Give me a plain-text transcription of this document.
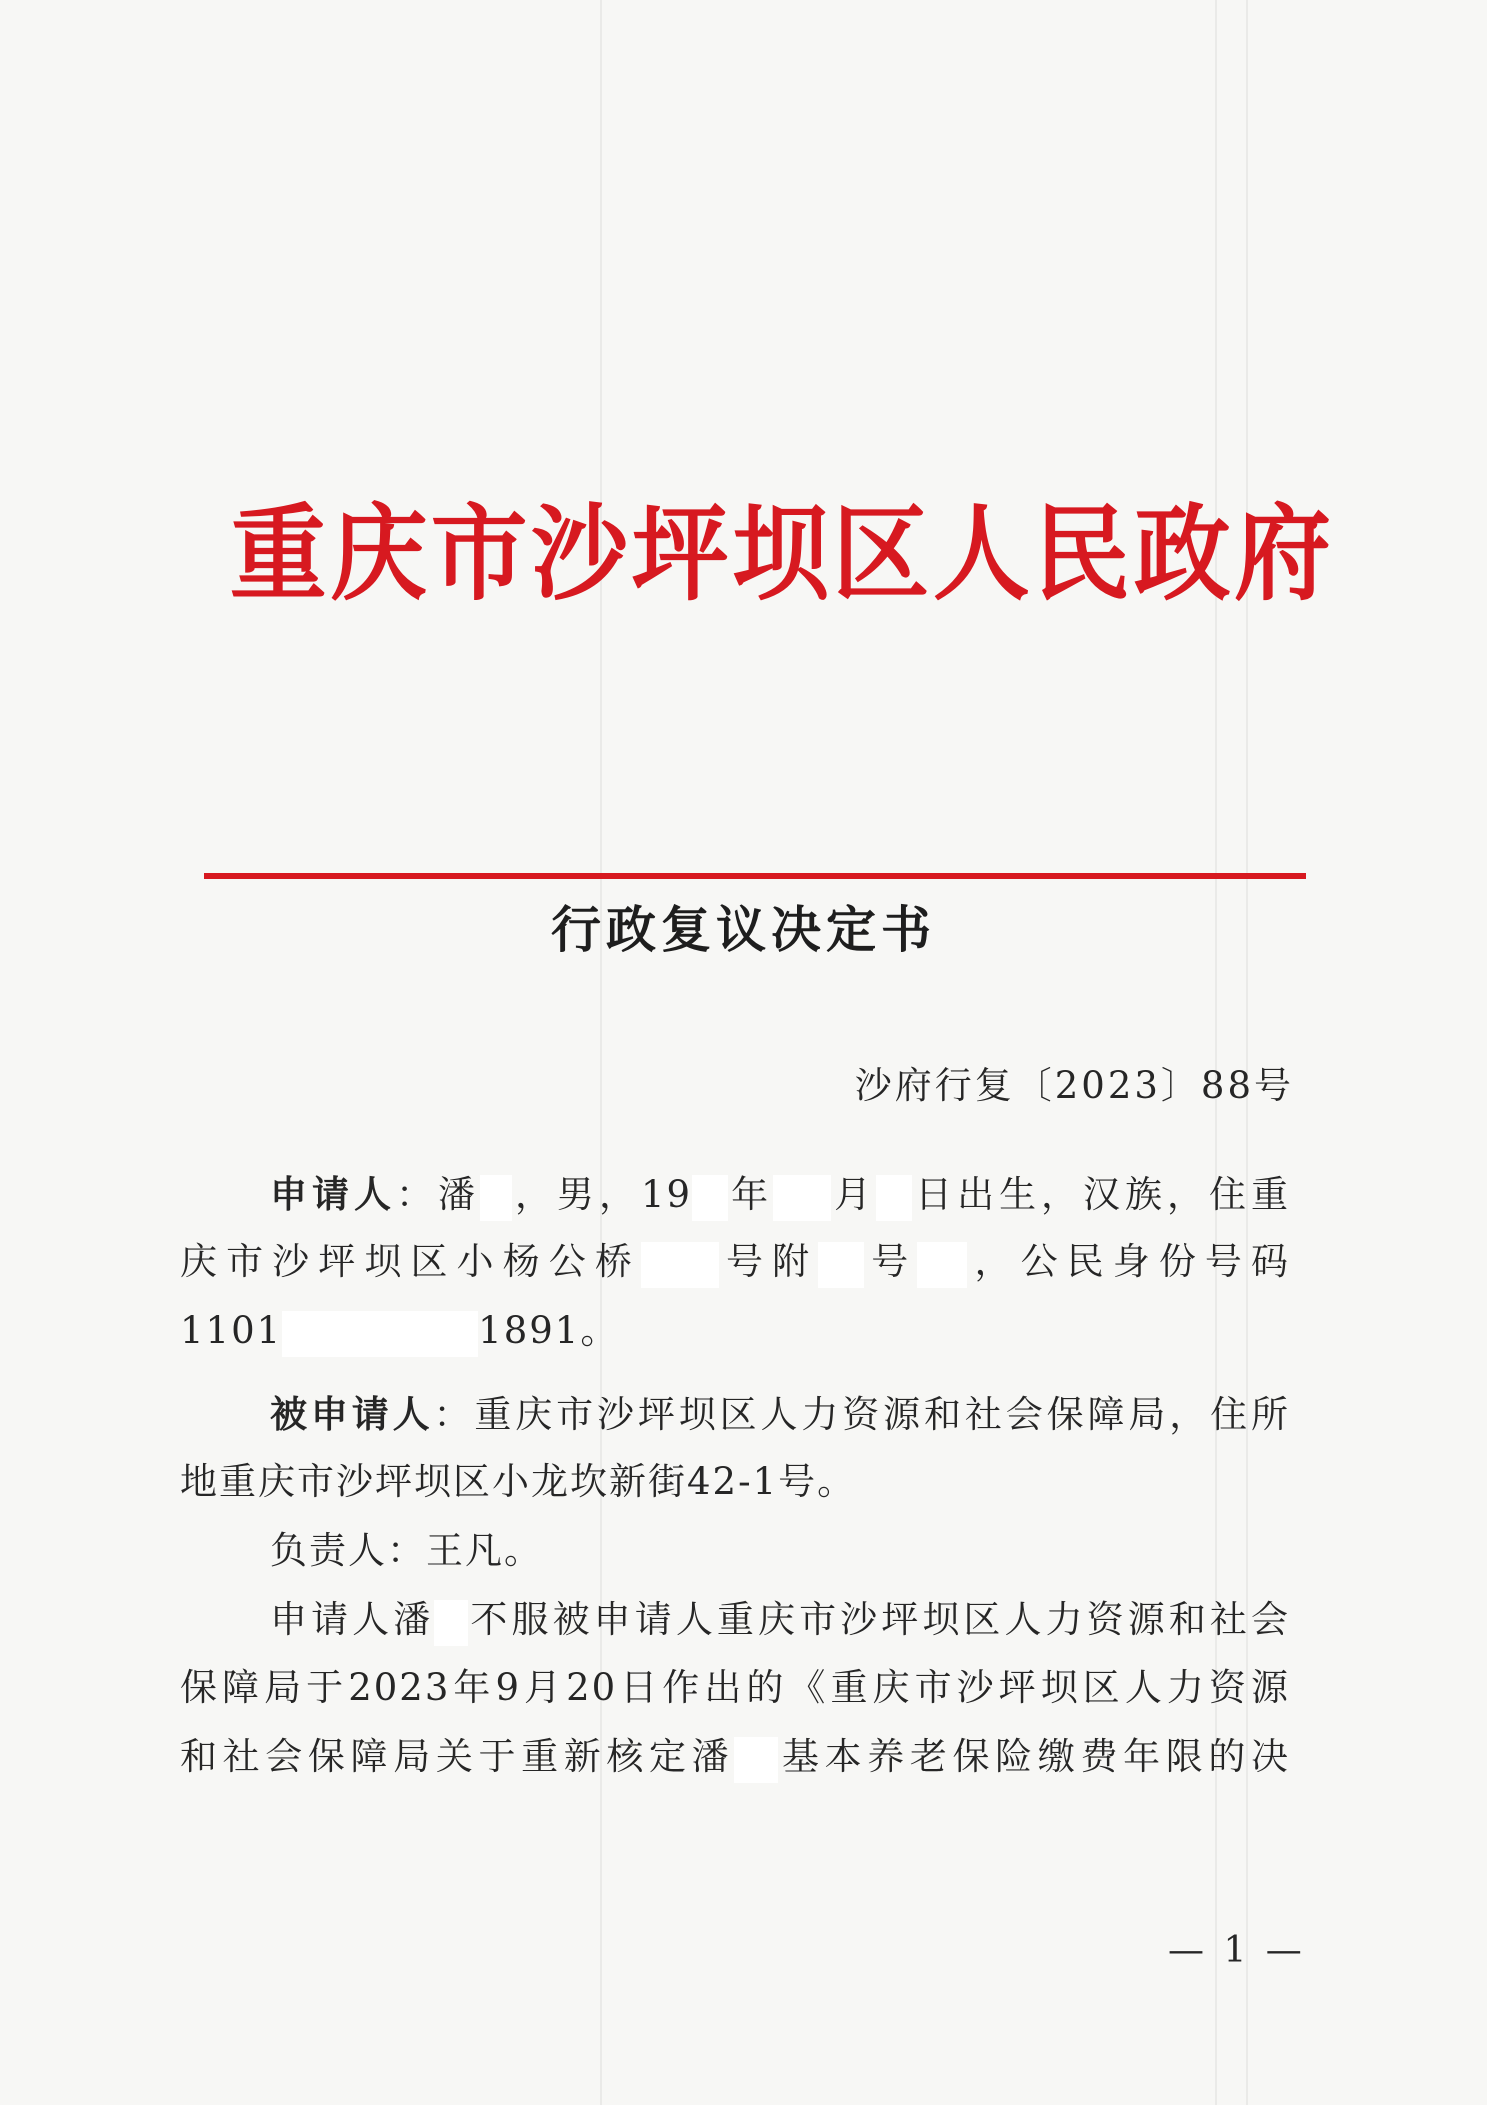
重庆市沙坪坝区人民政府
行政复议决定书
沙府行复〔2023〕88号
申请人：潘 ，男，19 年 月 日出生，汉族，住重
庆市沙坪坝区小杨公桥 号附 号 ，公民身份号码
1101	1891。
被申请人：重庆市沙坪坝区人力资源和社会保障局，住所
地重庆市沙坪坝区小龙坎新街42-1号。
负责人：王凡。
申请人潘 不服被申请人重庆市沙坪坝区人力资源和社会
保障局于2023年9月20日作出的《重庆市沙坪坝区人力资源
和社会保障局关于重新核定潘 基本养老保险缴费年限的决
— 1 —
